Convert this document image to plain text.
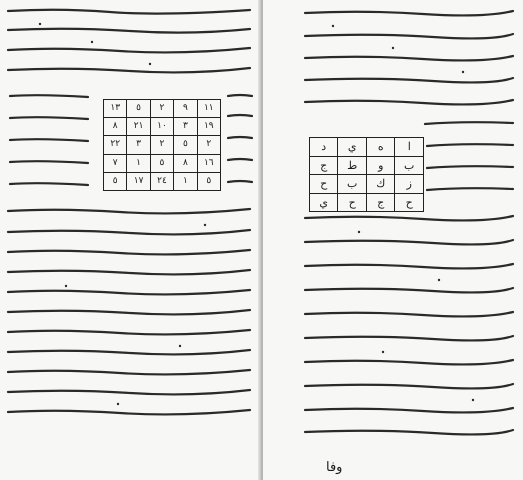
١٣	٥	٢	٩	١١
٨	٢١	١٠	٣	١٩
٢٢	٣	٢	٥	٢
٧	١	٥	٨	١٦
٥	١٧	٢٤	١	٥
د	ي	ه	ا
ج	ط	و	ب
ح	ب	ك	ز
ي	ح	ج	ح
وفا
